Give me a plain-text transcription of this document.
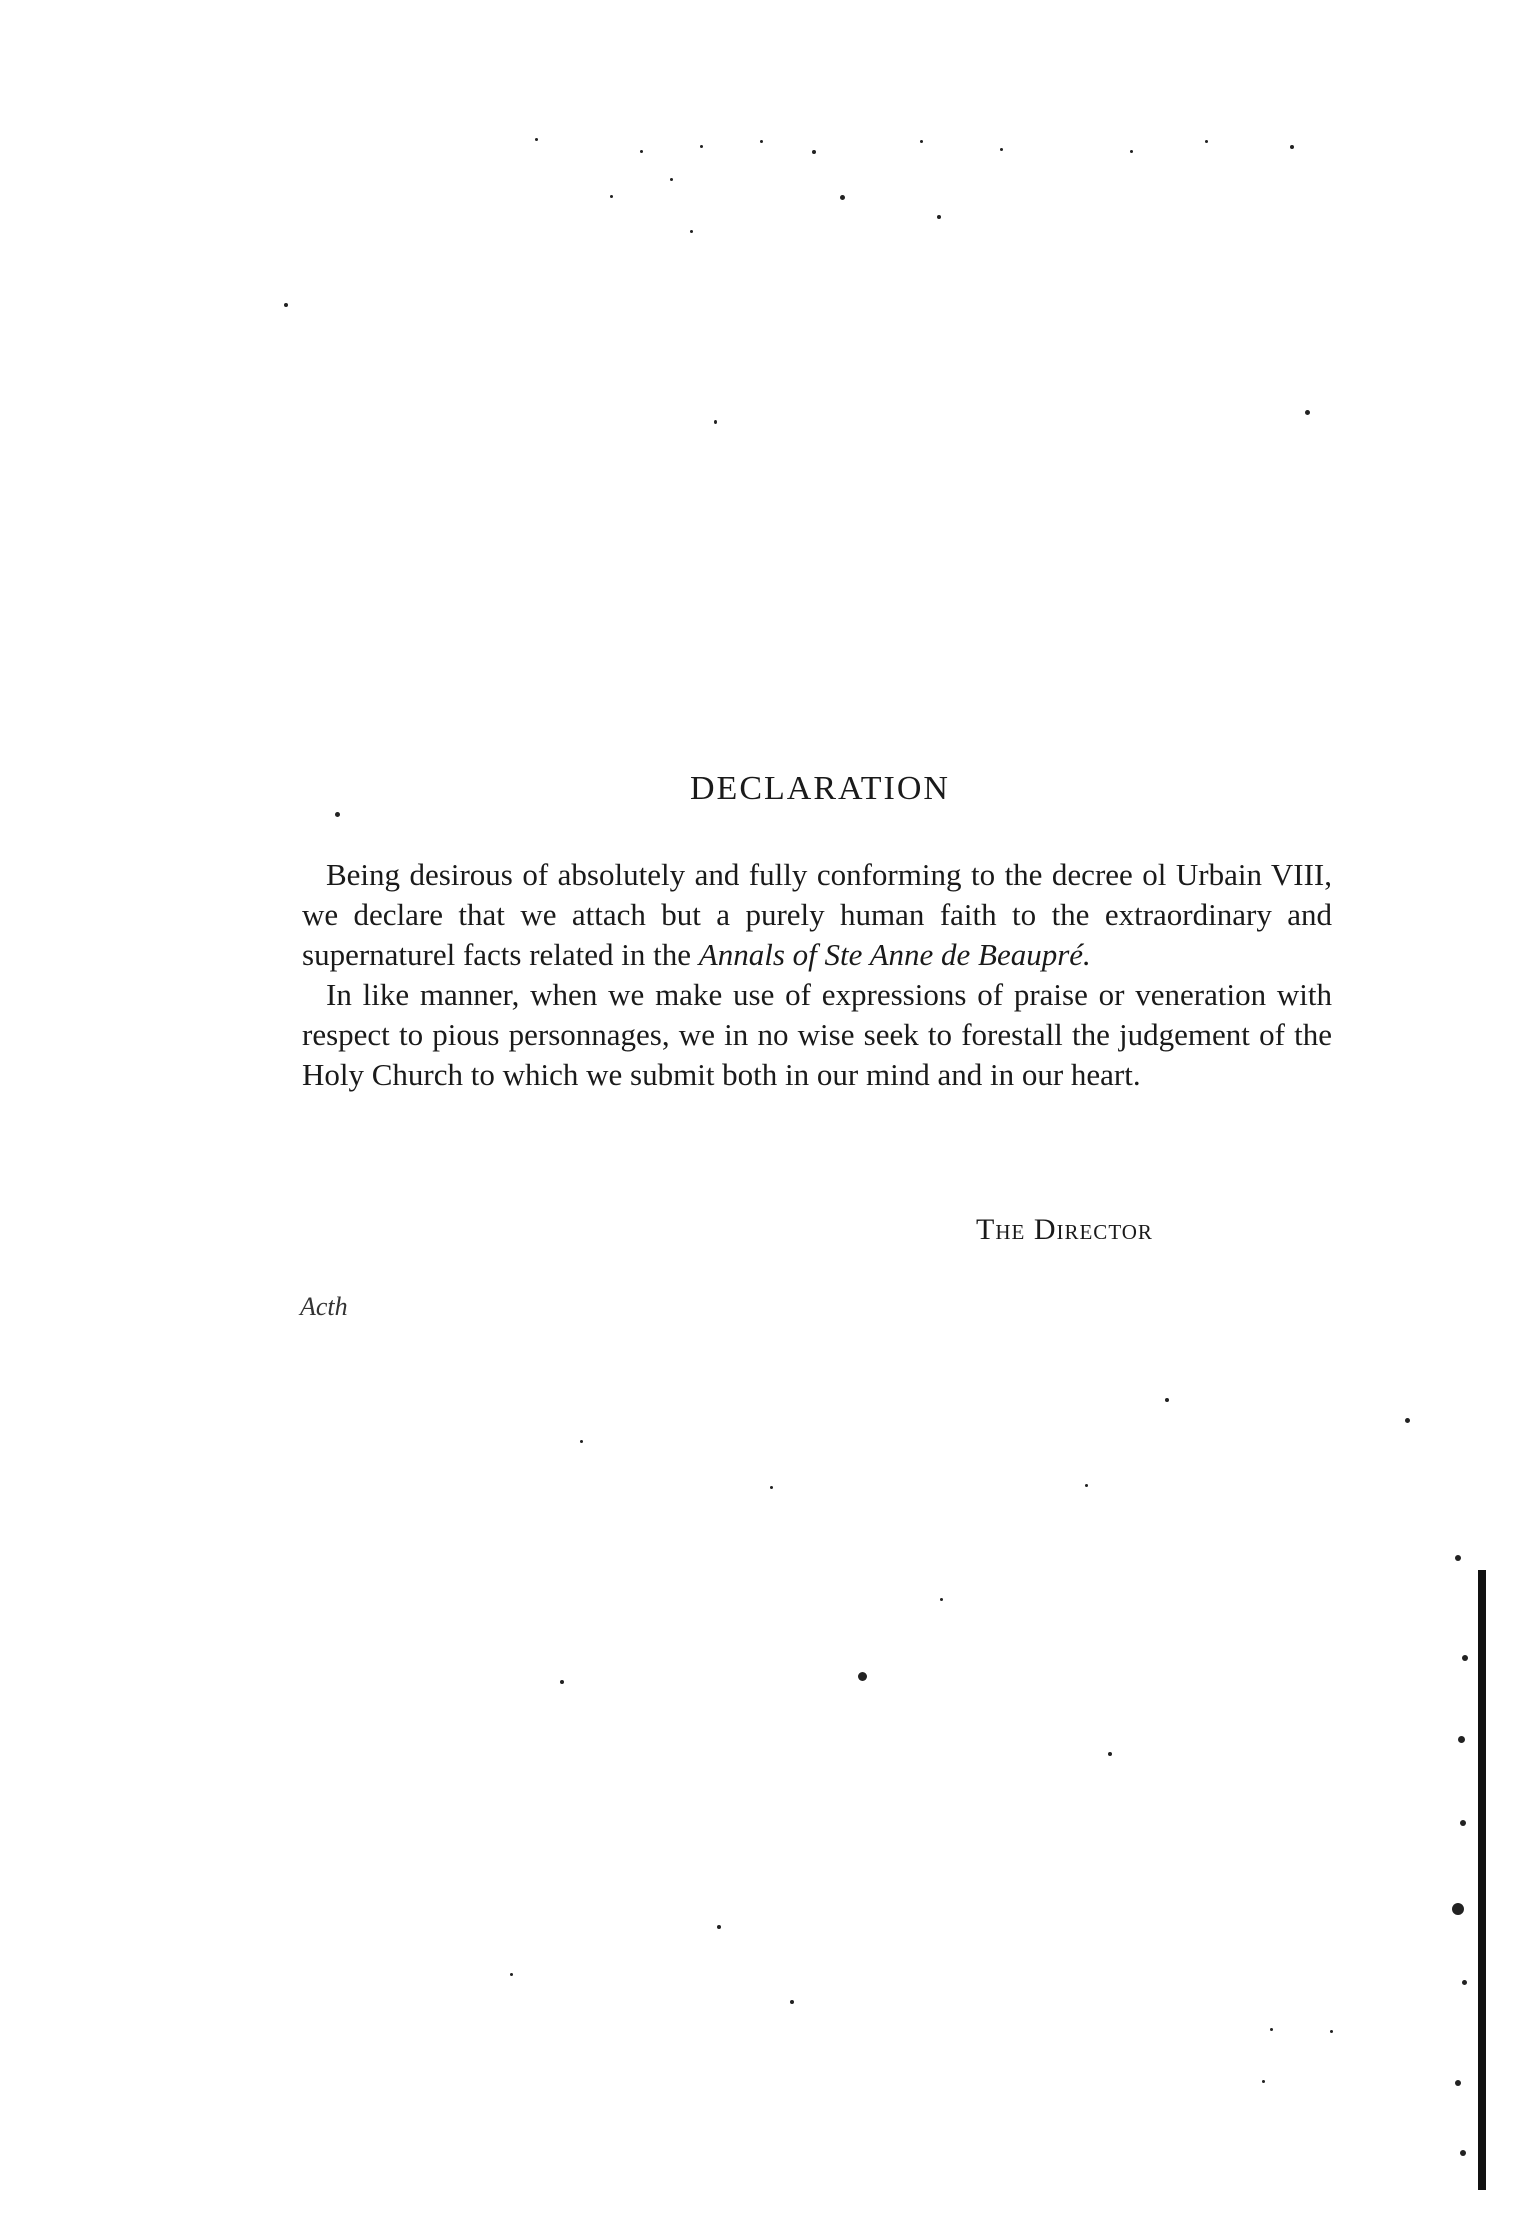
DECLARATION

Being desirous of absolutely and fully conforming to the decree ol Urbain VIII, we declare that we attach but a purely human faith to the extraordinary and supernaturel facts related in the Annals of Ste Anne de Beaupré.

In like manner, when we make use of expressions of praise or veneration with respect to pious personnages, we in no wise seek to forestall the judgement of the Holy Church to which we submit both in our mind and in our heart.

The Director
Acth
